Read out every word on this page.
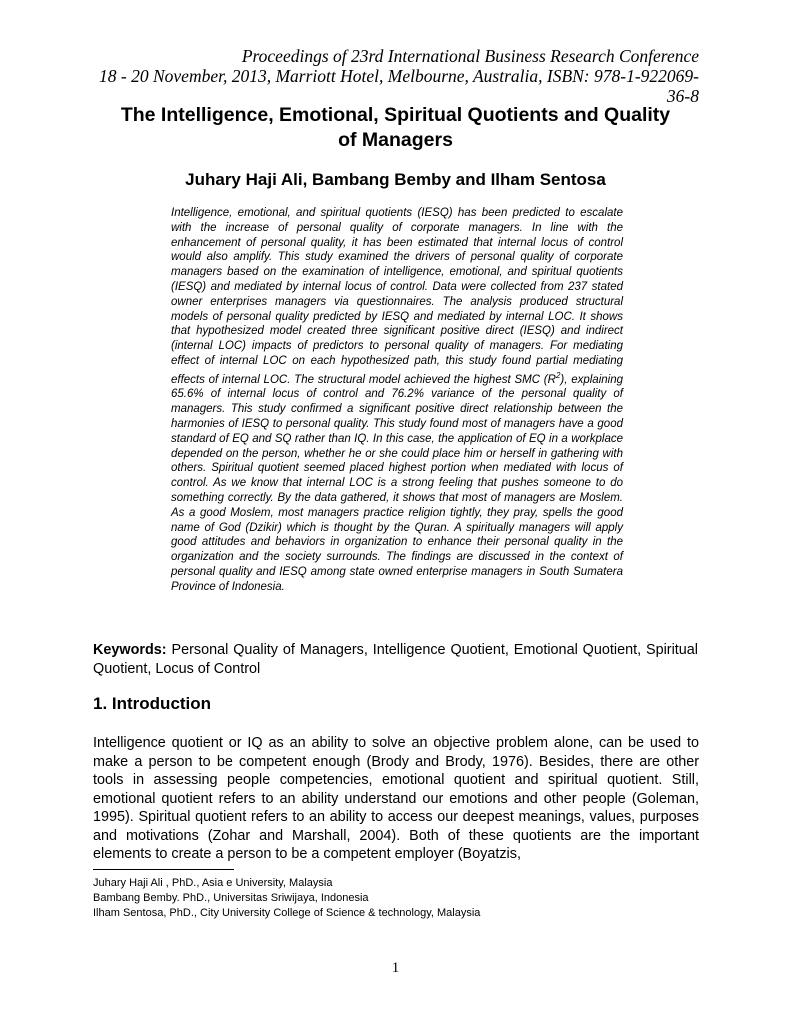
Proceedings of 23rd International Business Research Conference
18 - 20 November, 2013, Marriott Hotel, Melbourne, Australia, ISBN: 978-1-922069-36-8
The Intelligence, Emotional, Spiritual Quotients and Quality
of Managers
Juhary Haji Ali, Bambang Bemby and Ilham Sentosa
Intelligence, emotional, and spiritual quotients (IESQ) has been predicted to escalate with the increase of personal quality of corporate managers. In line with the enhancement of personal quality, it has been estimated that internal locus of control would also amplify. This study examined the drivers of personal quality of corporate managers based on the examination of intelligence, emotional, and spiritual quotients (IESQ) and mediated by internal locus of control. Data were collected from 237 stated owner enterprises managers via questionnaires. The analysis produced structural models of personal quality predicted by IESQ and mediated by internal LOC. It shows that hypothesized model created three significant positive direct (IESQ) and indirect (internal LOC) impacts of predictors to personal quality of managers. For mediating effect of internal LOC on each hypothesized path, this study found partial mediating effects of internal LOC. The structural model achieved the highest SMC $(R^2)$, explaining 65.6% of internal locus of control and 76.2% variance of the personal quality of managers. This study confirmed a significant positive direct relationship between the harmonies of IESQ to personal quality. This study found most of managers have a good standard of EQ and SQ rather than IQ. In this case, the application of EQ in a workplace depended on the person, whether he or she could place him or herself in gathering with others. Spiritual quotient seemed placed highest portion when mediated with locus of control. As we know that internal LOC is a strong feeling that pushes someone to do something correctly. By the data gathered, it shows that most of managers are Moslem. As a good Moslem, most managers practice religion tightly, they pray, spells the good name of God (Dzikir) which is thought by the Quran. A spiritually managers will apply good attitudes and behaviors in organization to enhance their personal quality in the organization and the society surrounds. The findings are discussed in the context of personal quality and IESQ among state owned enterprise managers in South Sumatera Province of Indonesia.
Keywords: Personal Quality of Managers, Intelligence Quotient, Emotional Quotient, Spiritual Quotient, Locus of Control
1. Introduction
Intelligence quotient or IQ as an ability to solve an objective problem alone, can be used to make a person to be competent enough (Brody and Brody, 1976). Besides, there are other tools in assessing people competencies, emotional quotient and spiritual quotient. Still, emotional quotient refers to an ability understand our emotions and other people (Goleman, 1995). Spiritual quotient refers to an ability to access our deepest meanings, values, purposes and motivations (Zohar and Marshall, 2004). Both of these quotients are the important elements to create a person to be a competent employer (Boyatzis,
Juhary Haji Ali , PhD., Asia e University, Malaysia
Bambang Bemby. PhD., Universitas Sriwijaya, Indonesia
Ilham Sentosa, PhD., City University College of Science & technology, Malaysia
1
